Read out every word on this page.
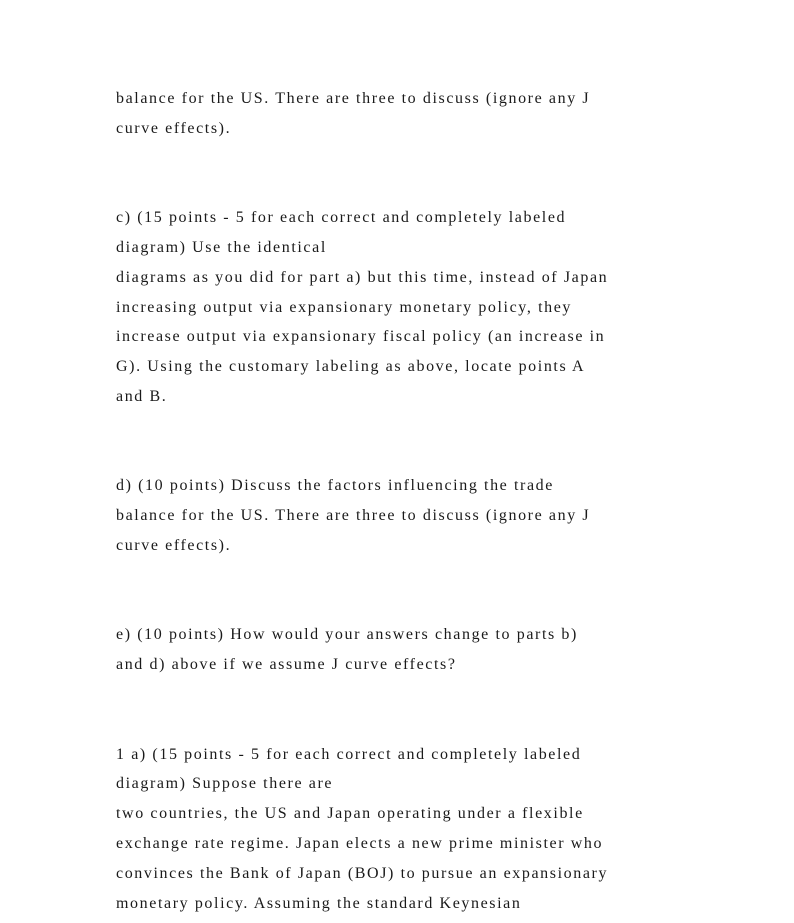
balance for the US. There are three to discuss (ignore any J
curve effects).
c) (15 points - 5 for each correct and completely labeled
diagram) Use the identical
diagrams as you did for part a) but this time, instead of Japan
increasing output via expansionary monetary policy, they
increase output via expansionary fiscal policy (an increase in
G). Using the customary labeling as above, locate points A
and B.
d) (10 points) Discuss the factors influencing the trade
balance for the US. There are three to discuss (ignore any J
curve effects).
e) (10 points) How would your answers change to parts b)
and d) above if we assume J curve effects?
1 a) (15 points - 5 for each correct and completely labeled
diagram) Suppose there are
two countries, the US and Japan operating under a flexible
exchange rate regime. Japan elects a new prime minister who
convinces the Bank of Japan (BOJ) to pursue an expansionary
monetary policy. Assuming the standard Keynesian
